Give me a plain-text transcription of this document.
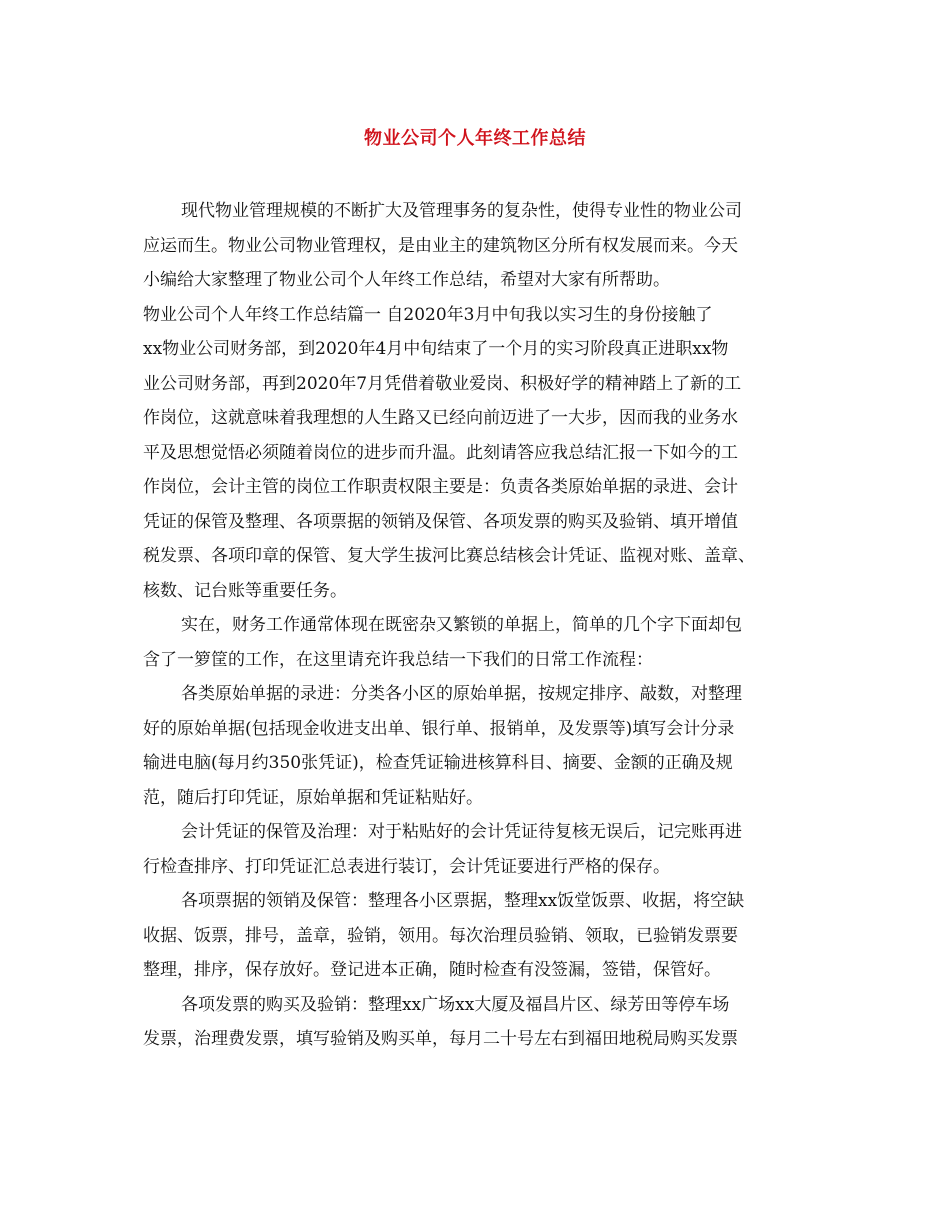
物业公司个人年终工作总结
现代物业管理规模的不断扩大及管理事务的复杂性，使得专业性的物业公司
应运而生。物业公司物业管理权，是由业主的建筑物区分所有权发展而来。今天
小编给大家整理了物业公司个人年终工作总结，希望对大家有所帮助。
物业公司个人年终工作总结篇一 自2020年3月中旬我以实习生的身份接触了
xx物业公司财务部，到2020年4月中旬结束了一个月的实习阶段真正进职xx物
业公司财务部，再到2020年7月凭借着敬业爱岗、积极好学的精神踏上了新的工
作岗位，这就意味着我理想的人生路又已经向前迈进了一大步，因而我的业务水
平及思想觉悟必须随着岗位的进步而升温。此刻请答应我总结汇报一下如今的工
作岗位，会计主管的岗位工作职责权限主要是：负责各类原始单据的录进、会计
凭证的保管及整理、各项票据的领销及保管、各项发票的购买及验销、填开增值
税发票、各项印章的保管、复大学生拔河比赛总结核会计凭证、监视对账、盖章、
核数、记台账等重要任务。
实在，财务工作通常体现在既密杂又繁锁的单据上，简单的几个字下面却包
含了一箩筐的工作，在这里请充许我总结一下我们的日常工作流程：
各类原始单据的录进：分类各小区的原始单据，按规定排序、敲数，对整理
好的原始单据(包括现金收进支出单、银行单、报销单，及发票等)填写会计分录
输进电脑(每月约350张凭证)，检查凭证输进核算科目、摘要、金额的正确及规
范，随后打印凭证，原始单据和凭证粘贴好。
会计凭证的保管及治理：对于粘贴好的会计凭证待复核无误后，记完账再进
行检查排序、打印凭证汇总表进行装订，会计凭证要进行严格的保存。
各项票据的领销及保管：整理各小区票据，整理xx饭堂饭票、收据，将空缺
收据、饭票，排号，盖章，验销，领用。每次治理员验销、领取，已验销发票要
整理，排序，保存放好。登记进本正确，随时检查有没签漏，签错，保管好。
各项发票的购买及验销：整理xx广场xx大厦及福昌片区、绿芳田等停车场
发票，治理费发票，填写验销及购买单，每月二十号左右到福田地税局购买发票
